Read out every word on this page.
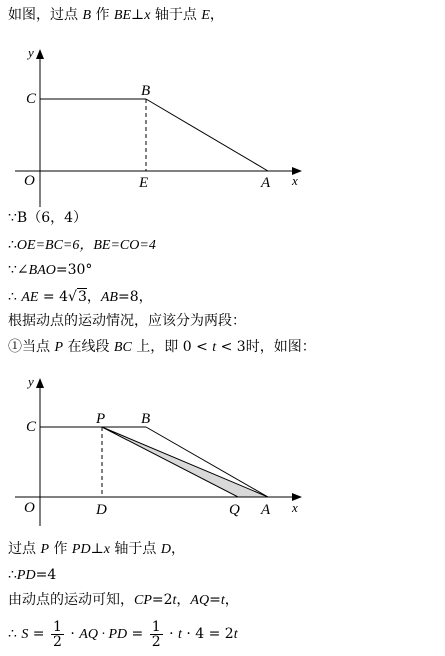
如图，过点 B 作 BE⊥x 轴于点 E，
y
C	B
O	E	A x
∵B（6，4）
∴OE=BC=6，BE=CO=4
∵∠BAO=30°
∴ AE = 4√3，AB=8，
根据动点的运动情况，应该分为两段：
①当点 P 在线段 BC 上，即 0 < t < 3时，如图：
y
C	P B
O	D	Q A x
过点 P 作 PD⊥x 轴于点 D，
∴PD=4
由动点的运动可知，CP=2t，AQ=t，
∴ $S = \frac{1}{2}$ · AQ · PD = $\frac{1}{2} \cdot t \cdot 4 = 2t$
